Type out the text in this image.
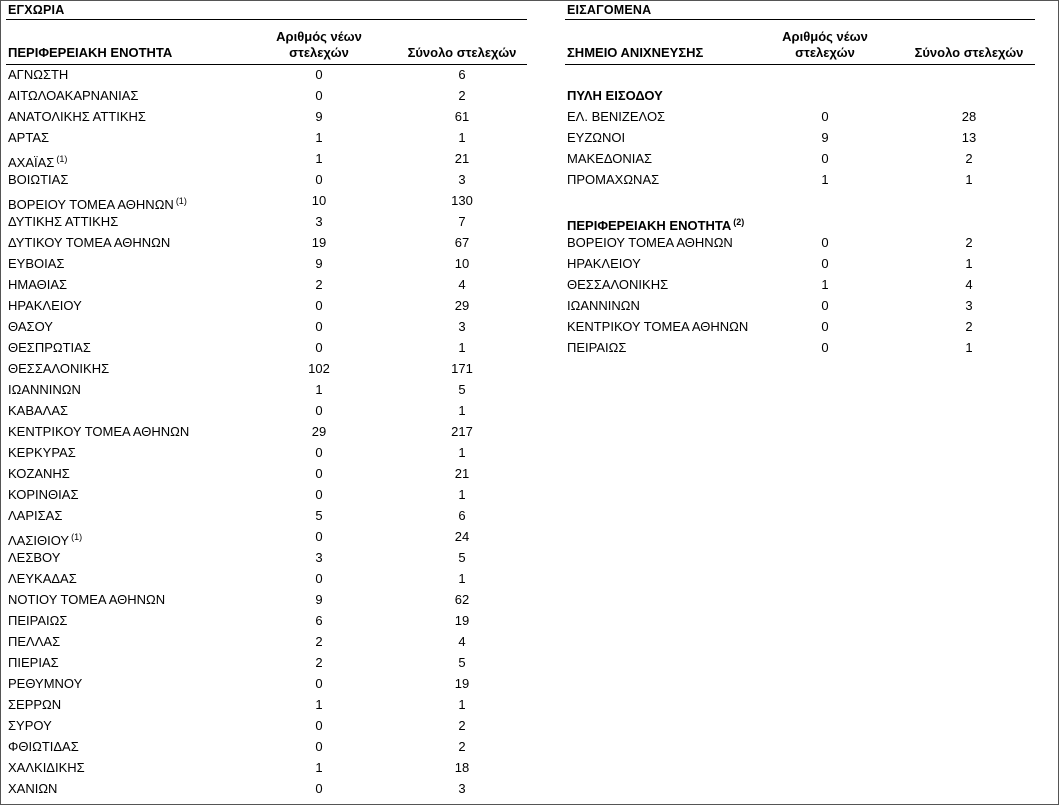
ΕΓΧΩΡΙΑ
ΠΕΡΙΦΕΡΕΙΑΚΗ ΕΝΟΤΗΤΑ
Αριθμός νέων
στελεχών	Σύνολο στελεχών
ΑΓΝΩΣΤΗ	0	6
ΑΙΤΩΛΟΑΚΑΡΝΑΝΙΑΣ	0	2
ΑΝΑΤΟΛΙΚΗΣ ΑΤΤΙΚΗΣ	9	61
ΑΡΤΑΣ	1	1
ΑΧΑΪΑΣ $^{(1)}$	1	21
ΒΟΙΩΤΙΑΣ	0	3
ΒΟΡΕΙΟΥ ΤΟΜΕΑ ΑΘΗΝΩΝ $^{(1)}$	10	130
ΔΥΤΙΚΗΣ ΑΤΤΙΚΗΣ	3	7
ΔΥΤΙΚΟΥ ΤΟΜΕΑ ΑΘΗΝΩΝ	19	67
ΕΥΒΟΙΑΣ	9	10
ΗΜΑΘΙΑΣ	2	4
ΗΡΑΚΛΕΙΟΥ	0	29
ΘΑΣΟΥ	0	3
ΘΕΣΠΡΩΤΙΑΣ	0	1
ΘΕΣΣΑΛΟΝΙΚΗΣ	102	171
ΙΩΑΝΝΙΝΩΝ	1	5
ΚΑΒΑΛΑΣ	0	1
ΚΕΝΤΡΙΚΟΥ ΤΟΜΕΑ ΑΘΗΝΩΝ	29	217
ΚΕΡΚΥΡΑΣ	0	1
ΚΟΖΑΝΗΣ	0	21
ΚΟΡΙΝΘΙΑΣ	0	1
ΛΑΡΙΣΑΣ	5	6
ΛΑΣΙΘΙΟΥ $^{(1)}$	0	24
ΛΕΣΒΟΥ	3	5
ΛΕΥΚΑΔΑΣ	0	1
ΝΟΤΙΟΥ ΤΟΜΕΑ ΑΘΗΝΩΝ	9	62
ΠΕΙΡΑΙΩΣ	6	19
ΠΕΛΛΑΣ	2	4
ΠΙΕΡΙΑΣ	2	5
ΡΕΘΥΜΝΟΥ	0	19
ΣΕΡΡΩΝ	1	1
ΣΥΡΟΥ	0	2
ΦΘΙΩΤΙΔΑΣ	0	2
ΧΑΛΚΙΔΙΚΗΣ	1	18
ΧΑΝΙΩΝ	0	3
ΕΙΣΑΓΟΜΕΝΑ
ΣΗΜΕΙΟ ΑΝΙΧΝΕΥΣΗΣ
Αριθμός νέων
στελεχών	Σύνολο στελεχών
ΠΥΛΗ ΕΙΣΟΔΟΥ
ΕΛ. ΒΕΝΙΖΕΛΟΣ	0	28
ΕΥΖΩΝΟΙ	9	13
ΜΑΚΕΔΟΝΙΑΣ	0	2
ΠΡΟΜΑΧΩΝΑΣ	1	1
ΠΕΡΙΦΕΡΕΙΑΚΗ ΕΝΟΤΗΤΑ $^{(2)}$
ΒΟΡΕΙΟΥ ΤΟΜΕΑ ΑΘΗΝΩΝ	0	2
ΗΡΑΚΛΕΙΟΥ	0	1
ΘΕΣΣΑΛΟΝΙΚΗΣ	1	4
ΙΩΑΝΝΙΝΩΝ	0	3
ΚΕΝΤΡΙΚΟΥ ΤΟΜΕΑ ΑΘΗΝΩΝ	0	2
ΠΕΙΡΑΙΩΣ	0	1
